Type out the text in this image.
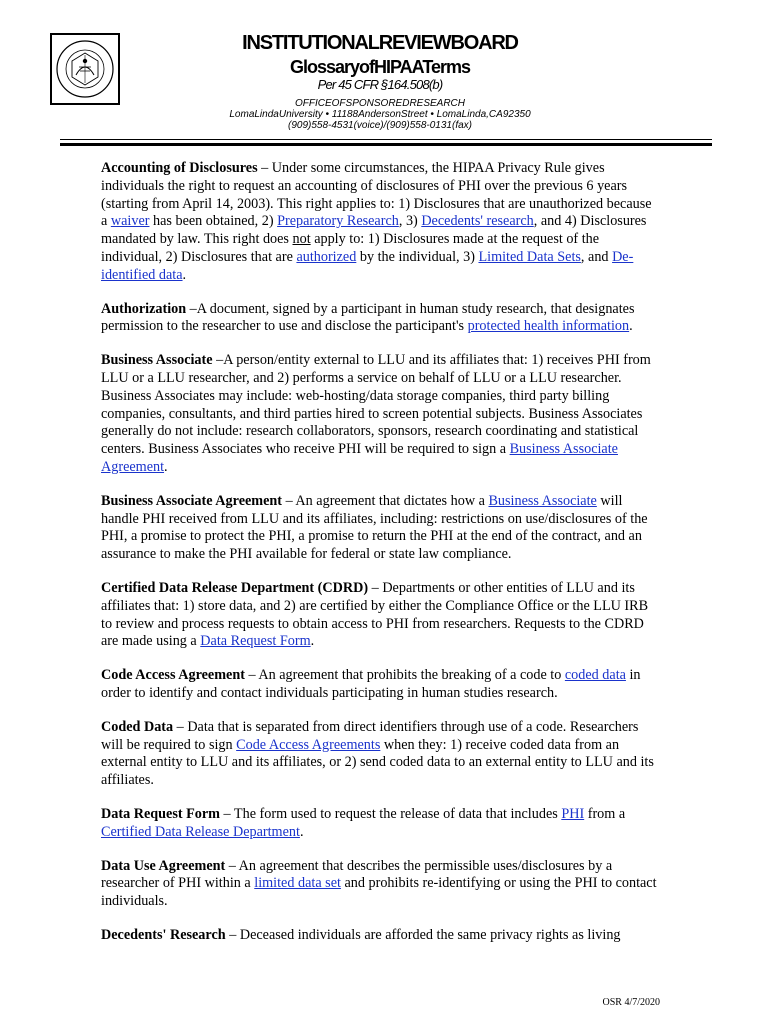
INSTITUTIONALREVIEWBOARD
GlossaryofHIPAATerms
Per 45 CFR §164.508(b)
OFFICEOFSPONSOREDRESEARCH
LomaLindaUniversity • 11188AndersonStreet • LomaLinda,CA92350
(909)558-4531(voice)/(909)558-0131(fax)

Accounting of Disclosures – Under some circumstances, the HIPAA Privacy Rule gives individuals the right to request an accounting of disclosures of PHI over the previous 6 years (starting from April 14, 2003). This right applies to: 1) Disclosures that are unauthorized because a waiver has been obtained, 2) Preparatory Research, 3) Decedents' research, and 4) Disclosures mandated by law. This right does not apply to: 1) Disclosures made at the request of the individual, 2) Disclosures that are authorized by the individual, 3) Limited Data Sets, and De-identified data.

Authorization –A document, signed by a participant in human study research, that designates permission to the researcher to use and disclose the participant's protected health information.

Business Associate –A person/entity external to LLU and its affiliates that: 1) receives PHI from LLU or a LLU researcher, and 2) performs a service on behalf of LLU or a LLU researcher. Business Associates may include: web-hosting/data storage companies, third party billing companies, consultants, and third parties hired to screen potential subjects. Business Associates generally do not include: research collaborators, sponsors, research coordinating and statistical centers. Business Associates who receive PHI will be required to sign a Business Associate Agreement.

Business Associate Agreement – An agreement that dictates how a Business Associate will handle PHI received from LLU and its affiliates, including: restrictions on use/disclosures of the PHI, a promise to protect the PHI, a promise to return the PHI at the end of the contract, and an assurance to make the PHI available for federal or state law compliance.

Certified Data Release Department (CDRD) – Departments or other entities of LLU and its affiliates that: 1) store data, and 2) are certified by either the Compliance Office or the LLU IRB to review and process requests to obtain access to PHI from researchers. Requests to the CDRD are made using a Data Request Form.

Code Access Agreement – An agreement that prohibits the breaking of a code to coded data in order to identify and contact individuals participating in human studies research.

Coded Data – Data that is separated from direct identifiers through use of a code. Researchers will be required to sign Code Access Agreements when they: 1) receive coded data from an external entity to LLU and its affiliates, or 2) send coded data to an external entity to LLU and its affiliates.

Data Request Form – The form used to request the release of data that includes PHI from a Certified Data Release Department.

Data Use Agreement – An agreement that describes the permissible uses/disclosures by a researcher of PHI within a limited data set and prohibits re-identifying or using the PHI to contact individuals.

Decedents' Research – Deceased individuals are afforded the same privacy rights as living

OSR 4/7/2020
